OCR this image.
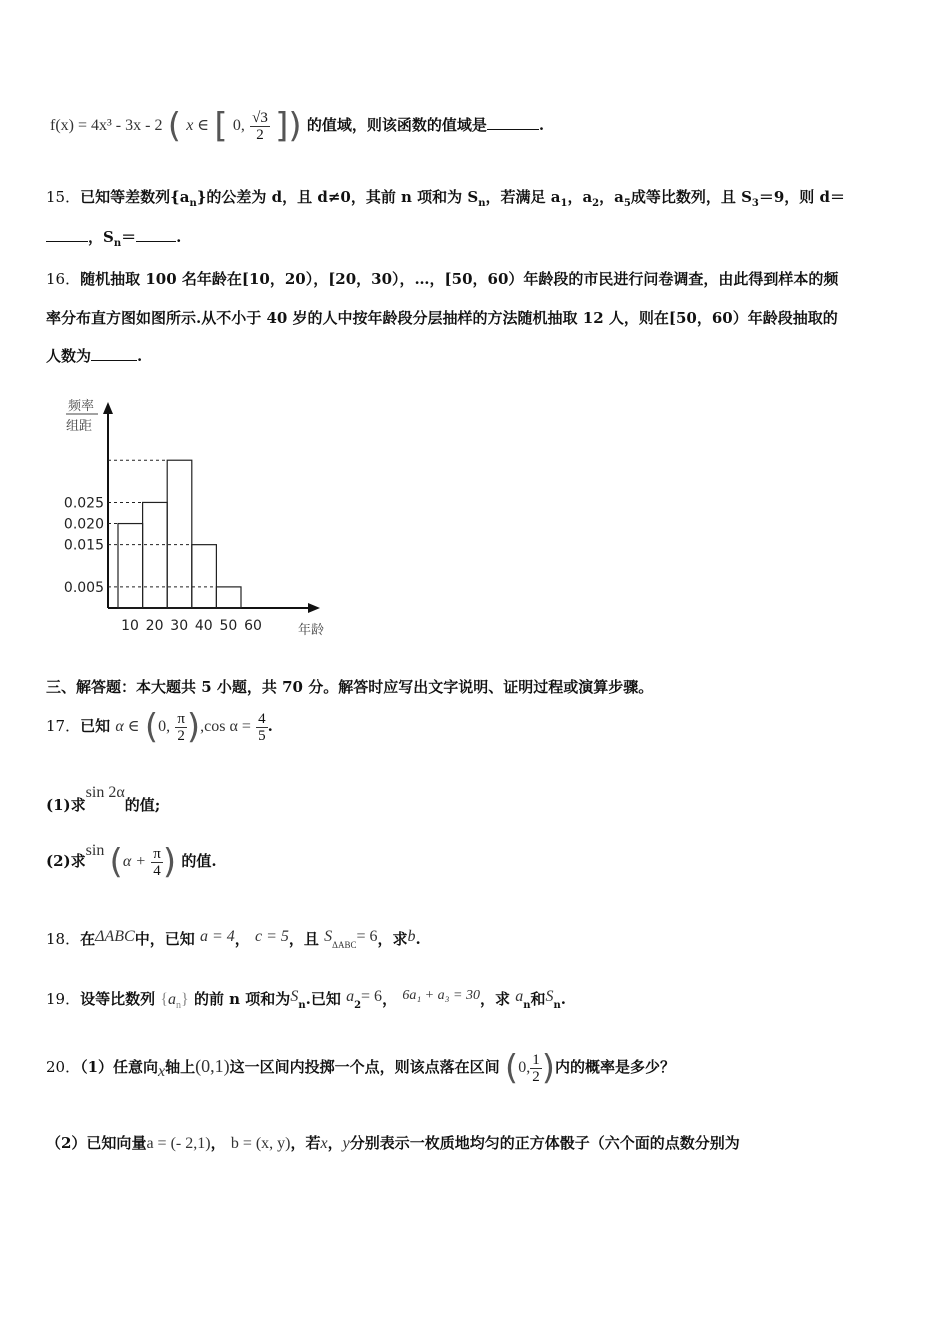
f(x) = 4x³ - 3x - 2 ( x ∈ [ 0, $\frac{√3}{2}$ ]) 的值域，则该函数的值域是	.
15．已知等差数列$\{a_n\}$的公差为 d，且 d≠0，其前 n 项和为 $S_n$，若满足 $a_1$，$a_2$，$a_5$成等比数列，且 $S_3=9$，则 d＝
，$S_n=$	.
16．随机抽取 100 名年龄在[10，20），[20，30），…，[50，60）年龄段的市民进行问卷调查，由此得到样本的频
率分布直方图如图所示.从不小于 40 岁的人中按年龄段分层抽样的方法随机抽取 12 人，则在[50，60）年龄段抽取的
人数为	.
0.025
0.020
0.015
0.005
10 20 30 40 50 60
频率
组距
年龄
三、解答题：本大题共 5 小题，共 70 分。解答时应写出文字说明、证明过程或演算步骤。
17．已知 α ∈ (0, $\frac{\pi}{2} ),\cos$ $\alpha = \frac{4}{5}$ .
(1)求sin 2α的值;
(2)求$\sin (\alpha + \frac{\pi}{4}$ ) 的值.
18．在ΔABC中，已知 a = 4， c = 5，且 $S_{\Delta ABC}= 6$，求b.
19．设等比数列 $\{a_n\}$ 的前 n 项和为$S_n$.已知 $a_2= 6$， 6a₁ + a₃ = 30，求 $a_n$和$S_n$.
20．（1）任意向x轴上(0,1)这一区间内投掷一个点，则该点落在区间 (0, $\frac{1}{2}$ )内的概率是多少？
（2）已知向量a = (- 2,1)， b = (x, y)，若x，y分别表示一枚质地均匀的正方体骰子（六个面的点数分别为
